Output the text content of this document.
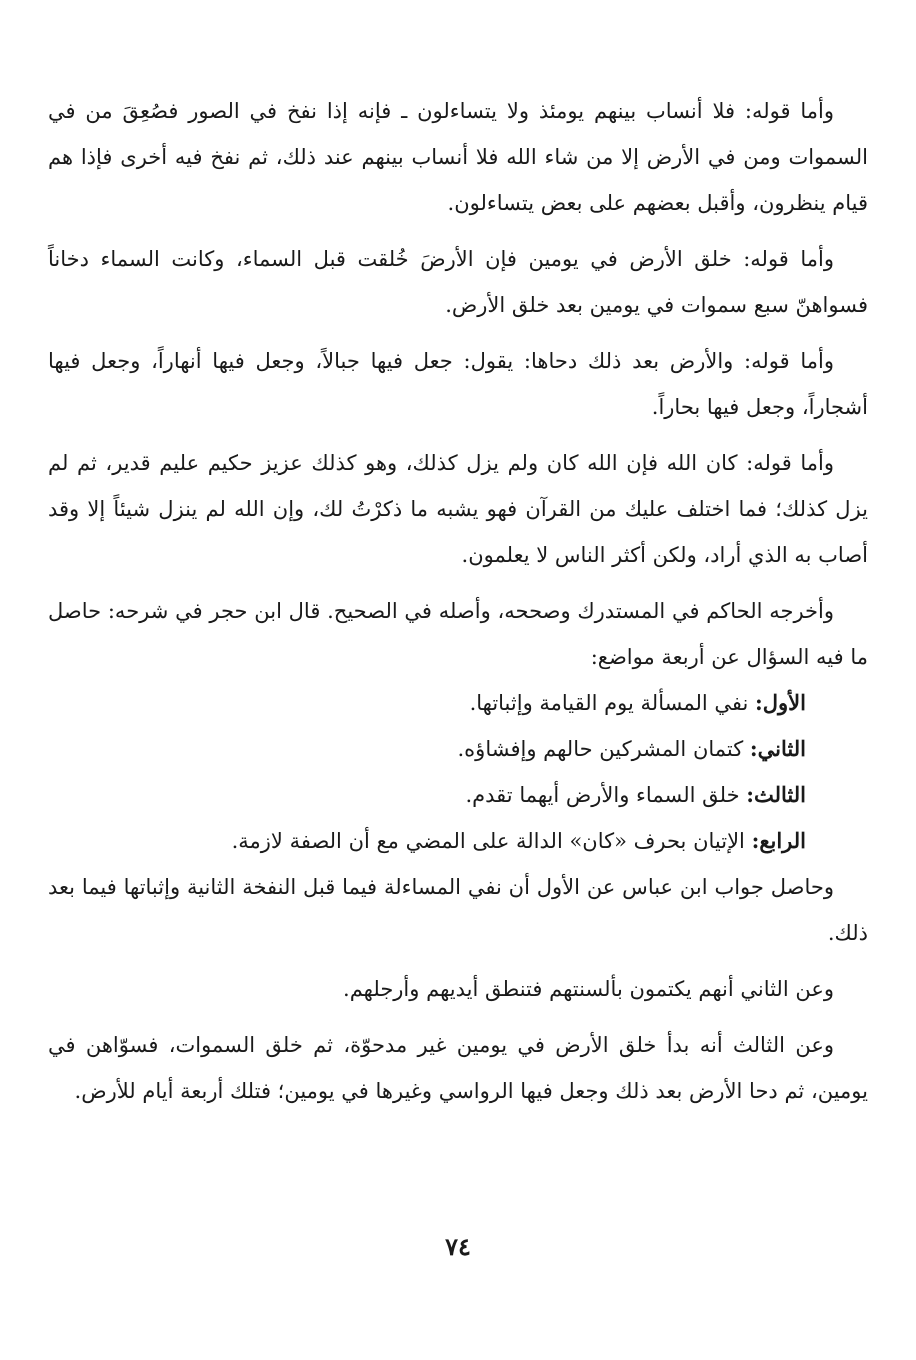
وأما قوله: فلا أنساب بينهم يومئذ ولا يتساءلون ـ فإنه إذا نفخ في الصور فصُعِقَ من في السموات ومن في الأرض إلا من شاء الله فلا أنساب بينهم عند ذلك، ثم نفخ فيه أخرى فإذا هم قيام ينظرون، وأقبل بعضهم على بعض يتساءلون.

وأما قوله: خلق الأرض في يومين فإن الأرضَ خُلقت قبل السماء، وكانت السماء دخاناً فسواهنّ سبع سموات في يومين بعد خلق الأرض.

وأما قوله: والأرض بعد ذلك دحاها: يقول: جعل فيها جبالاً، وجعل فيها أنهاراً، وجعل فيها أشجاراً، وجعل فيها بحاراً.

وأما قوله: كان الله فإن الله كان ولم يزل كذلك، وهو كذلك عزيز حكيم عليم قدير، ثم لم يزل كذلك؛ فما اختلف عليك من القرآن فهو يشبه ما ذكرْتُ لك، وإن الله لم ينزل شيئاً إلا وقد أصاب به الذي أراد، ولكن أكثر الناس لا يعلمون.

وأخرجه الحاكم في المستدرك وصححه، وأصله في الصحيح. قال ابن حجر في شرحه: حاصل ما فيه السؤال عن أربعة مواضع:

الأول: نفي المسألة يوم القيامة وإثباتها.

الثاني: كتمان المشركين حالهم وإفشاؤه.

الثالث: خلق السماء والأرض أيهما تقدم.

الرابع: الإتيان بحرف «كان» الدالة على المضي مع أن الصفة لازمة.

وحاصل جواب ابن عباس عن الأول أن نفي المساءلة فيما قبل النفخة الثانية وإثباتها فيما بعد ذلك.

وعن الثاني أنهم يكتمون بألسنتهم فتنطق أيديهم وأرجلهم.

وعن الثالث أنه بدأ خلق الأرض في يومين غير مدحوّة، ثم خلق السموات، فسوّاهن في يومين، ثم دحا الأرض بعد ذلك وجعل فيها الرواسي وغيرها في يومين؛ فتلك أربعة أيام للأرض.

٧٤
